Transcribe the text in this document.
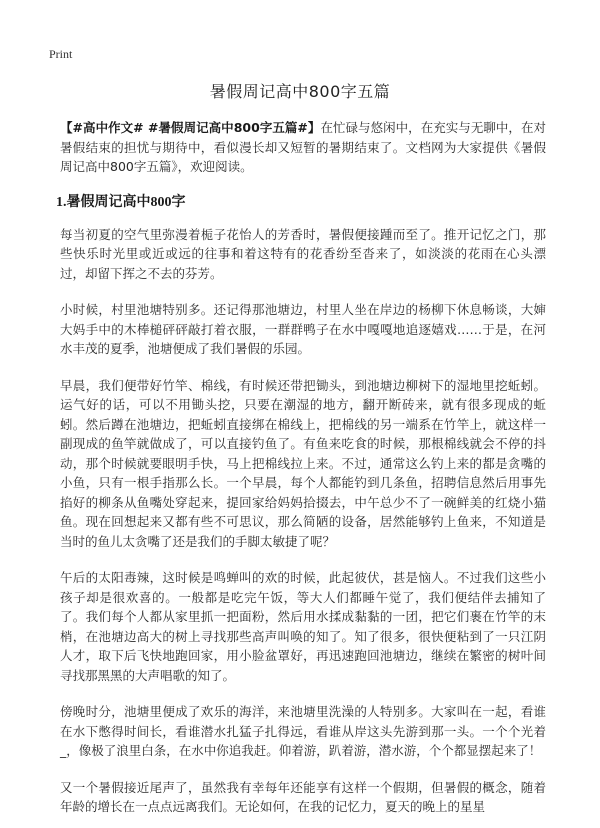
Print
暑假周记高中800字五篇

【#高中作文# #暑假周记高中800字五篇#】在忙碌与悠闲中，在充实与无聊中，在对暑假结束的担忧与期待中，看似漫长却又短暂的暑期结束了。文档网为大家提供《暑假周记高中800字五篇》，欢迎阅读。

1.暑假周记高中800字

每当初夏的空气里弥漫着栀子花怡人的芳香时，暑假便接踵而至了。推开记忆之门，那些快乐时光里或近或远的往事和着这特有的花香纷至沓来了，如淡淡的花雨在心头漂过，却留下挥之不去的芬芳。

小时候，村里池塘特别多。还记得那池塘边，村里人坐在岸边的杨柳下休息畅谈，大婶大妈手中的木棒槌砰砰敲打着衣服，一群群鸭子在水中嘎嘎地追逐嬉戏……于是，在河水丰茂的夏季，池塘便成了我们暑假的乐园。

早晨，我们便带好竹竿、棉线，有时候还带把锄头，到池塘边柳树下的湿地里挖蚯蚓。运气好的话，可以不用锄头挖，只要在潮湿的地方，翻开断砖来，就有很多现成的蚯蚓。然后蹲在池塘边，把蚯蚓直接绑在棉线上，把棉线的另一端系在竹竿上，就这样一副现成的鱼竿就做成了，可以直接钓鱼了。有鱼来吃食的时候，那根棉线就会不停的抖动，那个时候就要眼明手快，马上把棉线拉上来。不过，通常这么钓上来的都是贪嘴的小鱼，只有一根手指那么长。一个早晨，每个人都能钓到几条鱼，招聘信息然后用事先掐好的柳条从鱼嘴处穿起来，提回家给妈妈拾掇去，中午总少不了一碗鲜美的红烧小猫鱼。现在回想起来又都有些不可思议，那么简陋的设备，居然能够钓上鱼来，不知道是当时的鱼儿太贪嘴了还是我们的手脚太敏捷了呢？

午后的太阳毒辣，这时候是鸣蝉叫的欢的时候，此起彼伏，甚是恼人。不过我们这些小孩子却是很欢喜的。一般都是吃完午饭，等大人们都睡午觉了，我们便结伴去捕知了了。我们每个人都从家里抓一把面粉，然后用水揉成黏黏的一团，把它们裹在竹竿的末梢，在池塘边高大的树上寻找那些高声叫唤的知了。知了很多，很快便粘到了一只江阴人才，取下后飞快地跑回家，用小脸盆罩好，再迅速跑回池塘边，继续在繁密的树叶间寻找那黑黑的大声唱歌的知了。

傍晚时分，池塘里便成了欢乐的海洋，来池塘里洗澡的人特别多。大家叫在一起，看谁在水下憋得时间长，看谁潜水扎猛子扎得远，看谁从岸这头先游到那一头。一个个光着_，像极了浪里白条，在水中你追我赶。仰着游，趴着游，潜水游，个个都显摆起来了！

又一个暑假接近尾声了，虽然我有幸每年还能享有这样一个假期，但暑假的概念，随着年龄的增长在一点点远离我们。无论如何，在我的记忆力，夏天的晚上的星星
